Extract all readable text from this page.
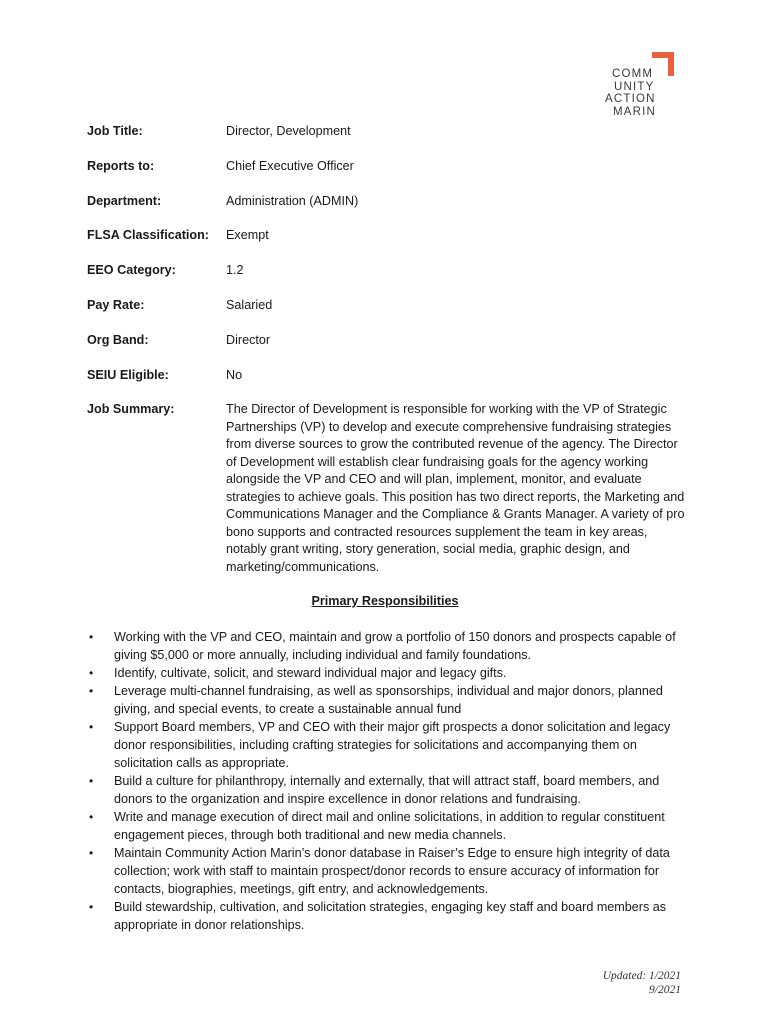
COMM
UNITY
ACTION
MARIN
Job Title:	Director, Development
Reports to:	Chief Executive Officer
Department:	Administration (ADMIN)
FLSA Classification:	Exempt
EEO Category:	1.2
Pay Rate:	Salaried
Org Band:	Director
SEIU Eligible:	No
Job Summary:	The Director of Development is responsible for working with the VP of Strategic Partnerships (VP) to develop and execute comprehensive fundraising strategies from diverse sources to grow the contributed revenue of the agency. The Director of Development will establish clear fundraising goals for the agency working alongside the VP and CEO and will plan, implement, monitor, and evaluate strategies to achieve goals. This position has two direct reports, the Marketing and Communications Manager and the Compliance & Grants Manager. A variety of pro bono supports and contracted resources supplement the team in key areas, notably grant writing, story generation, social media, graphic design, and marketing/communications.
Primary Responsibilities
• Working with the VP and CEO, maintain and grow a portfolio of 150 donors and prospects capable of giving $5,000 or more annually, including individual and family foundations.
• Identify, cultivate, solicit, and steward individual major and legacy gifts.
• Leverage multi-channel fundraising, as well as sponsorships, individual and major donors, planned giving, and special events, to create a sustainable annual fund
• Support Board members, VP and CEO with their major gift prospects a donor solicitation and legacy donor responsibilities, including crafting strategies for solicitations and accompanying them on solicitation calls as appropriate.
• Build a culture for philanthropy, internally and externally, that will attract staff, board members, and donors to the organization and inspire excellence in donor relations and fundraising.
• Write and manage execution of direct mail and online solicitations, in addition to regular constituent engagement pieces, through both traditional and new media channels.
• Maintain Community Action Marin’s donor database in Raiser’s Edge to ensure high integrity of data collection; work with staff to maintain prospect/donor records to ensure accuracy of information for contacts, biographies, meetings, gift entry, and acknowledgements.
• Build stewardship, cultivation, and solicitation strategies, engaging key staff and board members as appropriate in donor relationships.
Updated: 1/2021
9/2021
